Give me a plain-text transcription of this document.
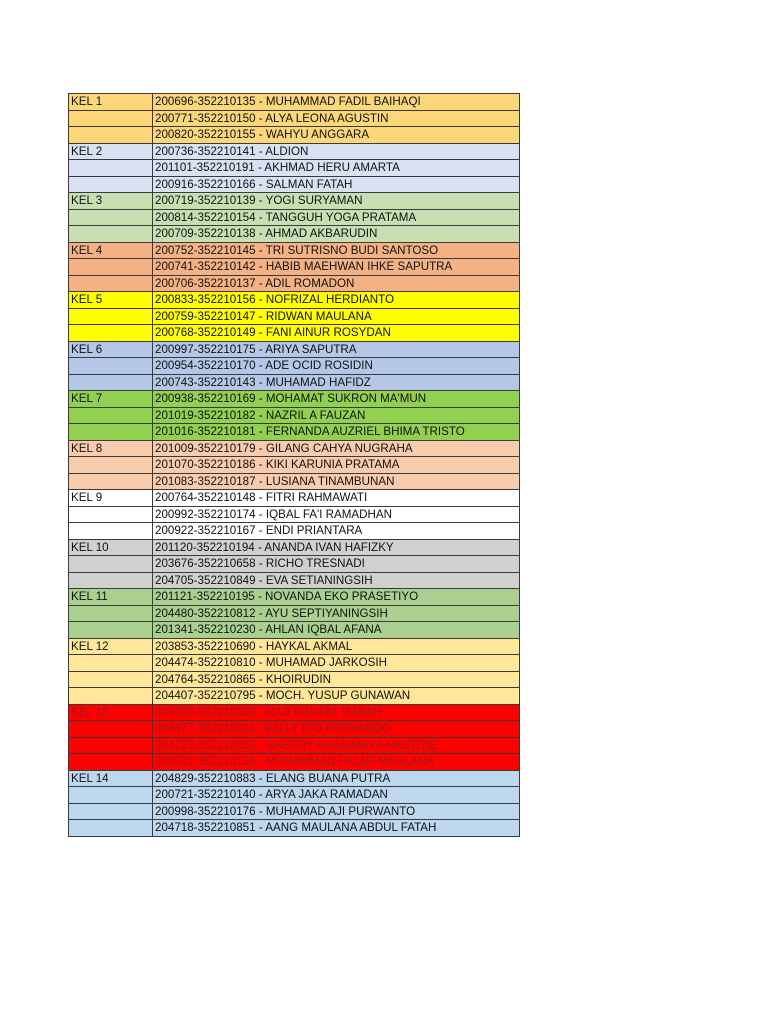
KEL 1	200696-352210135 - MUHAMMAD FADIL BAIHAQI
	200771-352210150 - ALYA LEONA AGUSTIN
	200820-352210155 - WAHYU ANGGARA
KEL 2	200736-352210141 - ALDION
	201101-352210191 - AKHMAD HERU AMARTA
	200916-352210166 - SALMAN FATAH
KEL 3	200719-352210139 - YOGI SURYAMAN
	200814-352210154 - TANGGUH YOGA PRATAMA
	200709-352210138 - AHMAD AKBARUDIN
KEL 4	200752-352210145 - TRI SUTRISNO BUDI SANTOSO
	200741-352210142 - HABIB MAEHWAN IHKE SAPUTRA
	200706-352210137 - ADIL ROMADON
KEL 5	200833-352210156 - NOFRIZAL HERDIANTO
	200759-352210147 - RIDWAN MAULANA
	200768-352210149 - FANI AINUR ROSYDAN
KEL 6	200997-352210175 - ARIYA SAPUTRA
	200954-352210170 - ADE OCID ROSIDIN
	200743-352210143 - MUHAMAD HAFIDZ
KEL 7	200938-352210169 - MOHAMAT SUKRON MA'MUN
	201019-352210182 - NAZRIL A FAUZAN
	201016-352210181 - FERNANDA AUZRIEL BHIMA TRISTO
KEL 8	201009-352210179 - GILANG CAHYA NUGRAHA
	201070-352210186 - KIKI KARUNIA PRATAMA
	201083-352210187 - LUSIANA TINAMBUNAN
KEL 9	200764-352210148 - FITRI RAHMAWATI
	200992-352210174 - IQBAL FA'I RAMADHAN
	200922-352210167 - ENDI PRIANTARA
KEL 10	201120-352210194 - ANANDA IVAN HAFIZKY
	203676-352210658 - RICHO TRESNADI
	204705-352210849 - EVA SETIANINGSIH
KEL 11	201121-352210195 - NOVANDA EKO PRASETIYO
	204480-352210812 - AYU SEPTIYANINGSIH
	201341-352210230 - AHLAN IQBAL AFANA
KEL 12	203853-352210690 - HAYKAL AKMAL
	204474-352210810 - MUHAMAD JARKOSIH
	204764-352210865 - KHOIRUDIN
	204407-352210795 - MOCH. YUSUP GUNAWAN
KEL 13	204709-352210850 - RAJI NAUFAL RABAH
	204477-352210811 - WILLY RIO FERNANDO
	204723-352210853 - SHERRY KHARANIYA NASTITIE
	200701-352210136 - MUHAMMAD FAJAR MAULANA
KEL 14	204829-352210883 - ELANG BUANA PUTRA
	200721-352210140 - ARYA JAKA RAMADAN
	200998-352210176 - MUHAMAD AJI PURWANTO
	204718-352210851 - AANG MAULANA ABDUL FATAH
